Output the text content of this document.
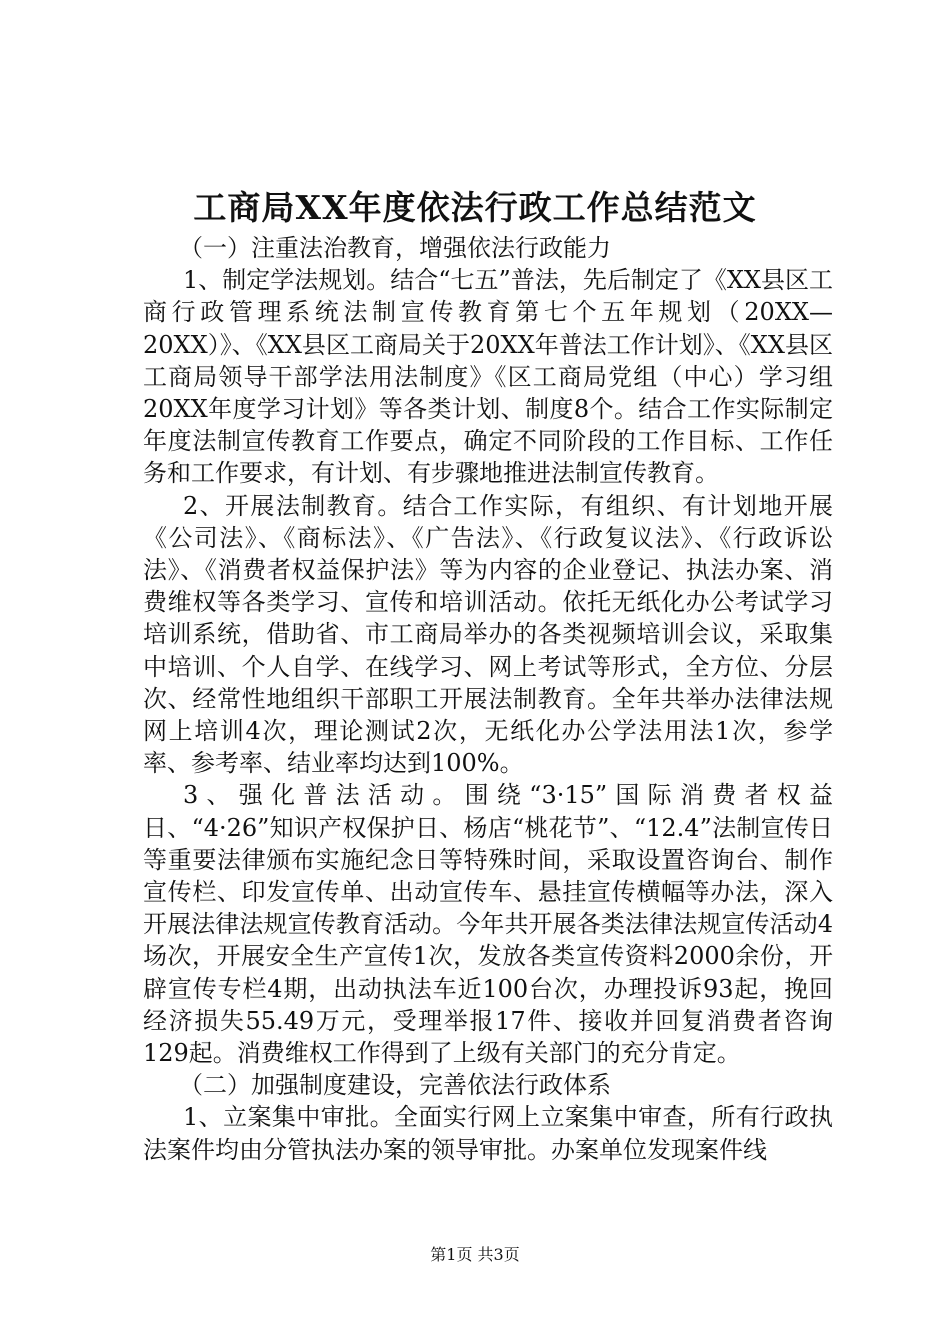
工商局XX年度依法行政工作总结范文

（一）注重法治教育，增强依法行政能力

1、制定学法规划。结合“七五”普法，先后制定了《XX县区工商行政管理系统法制宣传教育第七个五年规划（20XX—20XX）》、《XX县区工商局关于20XX年普法工作计划》、《XX县区工商局领导干部学法用法制度》《区工商局党组（中心）学习组20XX年度学习计划》等各类计划、制度8个。结合工作实际制定年度法制宣传教育工作要点，确定不同阶段的工作目标、工作任务和工作要求，有计划、有步骤地推进法制宣传教育。

2、开展法制教育。结合工作实际，有组织、有计划地开展《公司法》、《商标法》、《广告法》、《行政复议法》、《行政诉讼法》、《消费者权益保护法》等为内容的企业登记、执法办案、消费维权等各类学习、宣传和培训活动。依托无纸化办公考试学习培训系统，借助省、市工商局举办的各类视频培训会议，采取集中培训、个人自学、在线学习、网上考试等形式，全方位、分层次、经常性地组织干部职工开展法制教育。全年共举办法律法规网上培训4次，理论测试2次，无纸化办公学法用法1次，参学率、参考率、结业率均达到100%。

3、强化普法活动。围绕“3·15”国际消费者权益日、“4·26”知识产权保护日、杨店“桃花节”、“12.4”法制宣传日等重要法律颁布实施纪念日等特殊时间，采取设置咨询台、制作宣传栏、印发宣传单、出动宣传车、悬挂宣传横幅等办法，深入开展法律法规宣传教育活动。今年共开展各类法律法规宣传活动4场次，开展安全生产宣传1次，发放各类宣传资料2000余份，开辟宣传专栏4期，出动执法车近100台次，办理投诉93起，挽回经济损失55.49万元，受理举报17件、接收并回复消费者咨询129起。消费维权工作得到了上级有关部门的充分肯定。

（二）加强制度建设，完善依法行政体系

1、立案集中审批。全面实行网上立案集中审查，所有行政执法案件均由分管执法办案的领导审批。办案单位发现案件线

第1页 共3页
